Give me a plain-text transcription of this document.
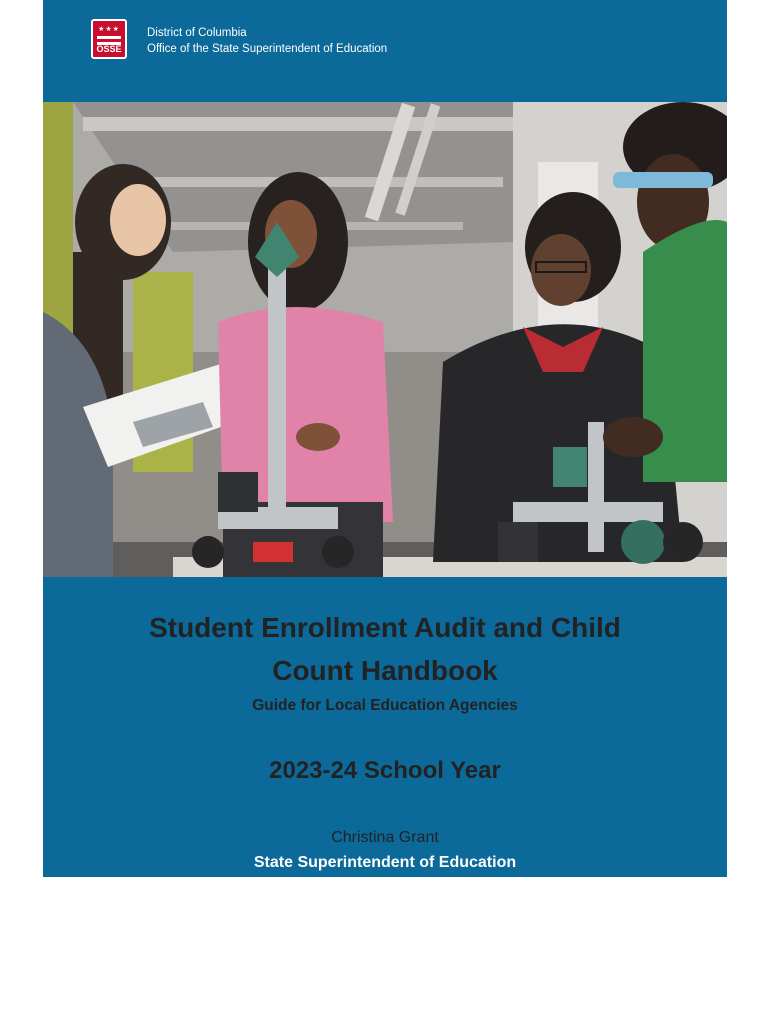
★★★
OSSE
District of Columbia
Office of the State Superintendent of Education
Student Enrollment Audit and Child
Count Handbook
Guide for Local Education Agencies
2023-24 School Year
Christina Grant
State Superintendent of Education
